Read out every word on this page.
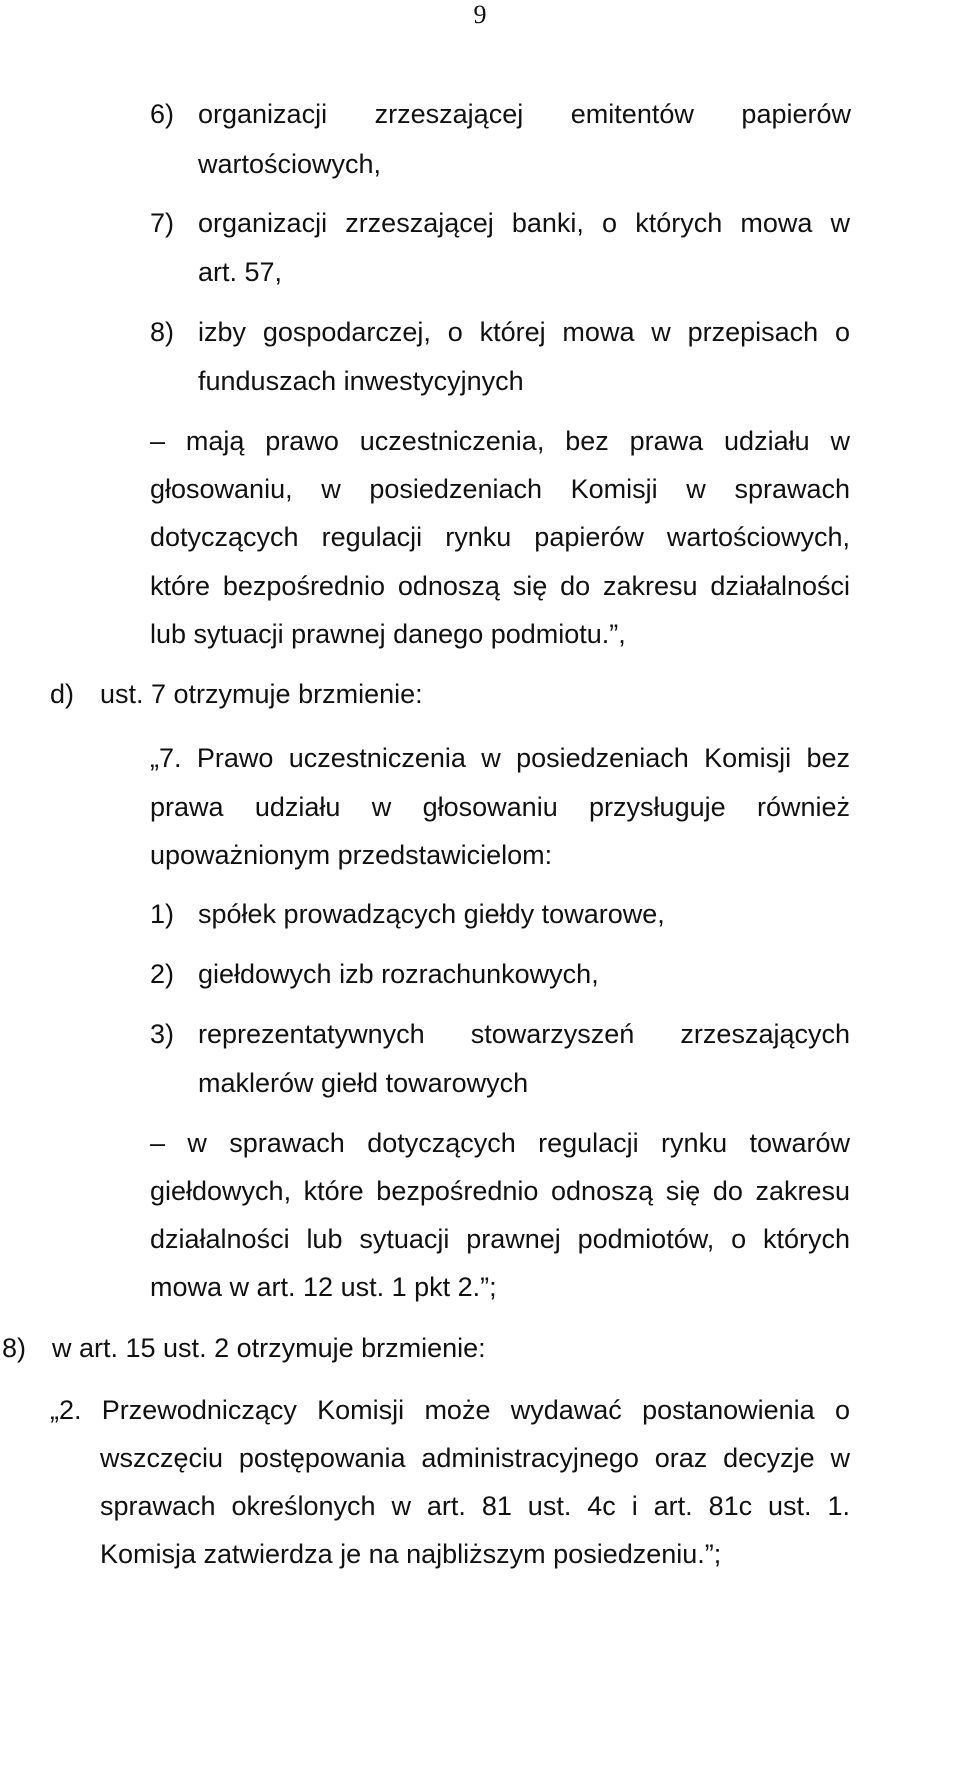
9
6) organizacji zrzeszającej emitentów papierów
wartościowych,
7) organizacji zrzeszającej banki, o których mowa w
art. 57,
8) izby gospodarczej, o której mowa w przepisach o
funduszach inwestycyjnych
– mają prawo uczestniczenia, bez prawa udziału w
głosowaniu, w posiedzeniach Komisji w sprawach
dotyczących regulacji rynku papierów wartościowych,
które bezpośrednio odnoszą się do zakresu działalności
lub sytuacji prawnej danego podmiotu.”,
d) ust. 7 otrzymuje brzmienie:
„7. Prawo uczestniczenia w posiedzeniach Komisji bez
prawa udziału w głosowaniu przysługuje również
upoważnionym przedstawicielom:
1) spółek prowadzących giełdy towarowe,
2) giełdowych izb rozrachunkowych,
3) reprezentatywnych stowarzyszeń zrzeszających
maklerów giełd towarowych
– w sprawach dotyczących regulacji rynku towarów
giełdowych, które bezpośrednio odnoszą się do zakresu
działalności lub sytuacji prawnej podmiotów, o których
mowa w art. 12 ust. 1 pkt 2.”;
8) w art. 15 ust. 2 otrzymuje brzmienie:
„2. Przewodniczący Komisji może wydawać postanowienia o
wszczęciu postępowania administracyjnego oraz decyzje w
sprawach określonych w art. 81 ust. 4c i art. 81c ust. 1.
Komisja zatwierdza je na najbliższym posiedzeniu.”;
